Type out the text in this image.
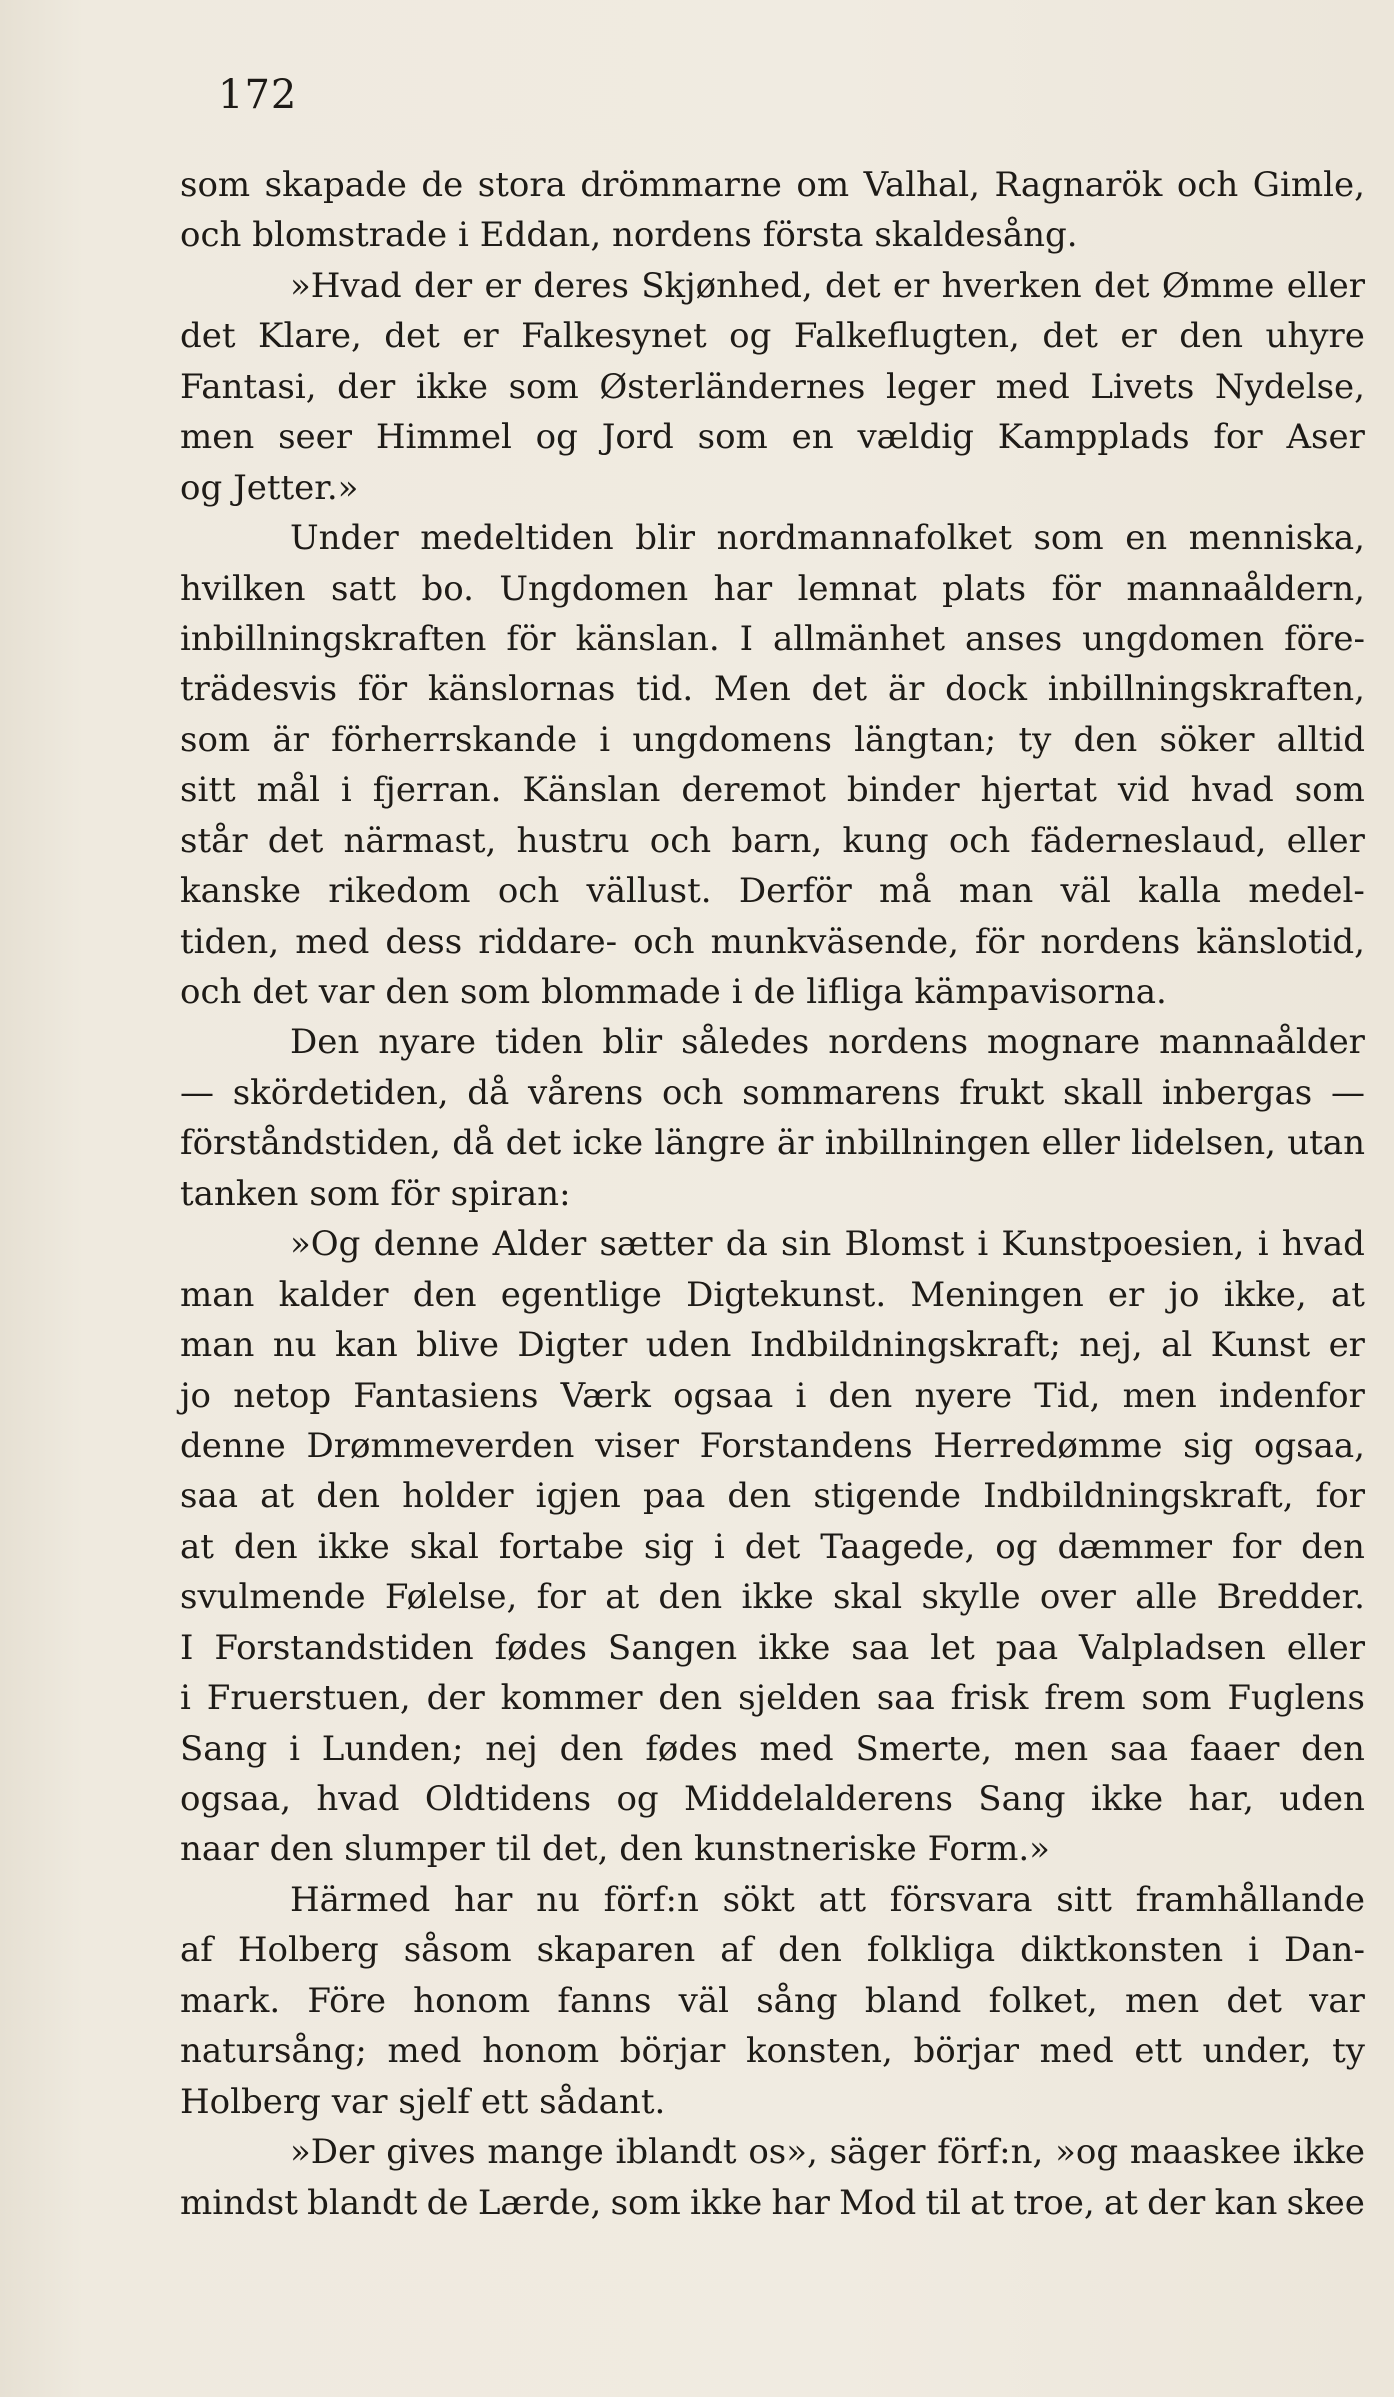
172
som skapade de stora drömmarne om Valhal, Ragnarök och Gimle,
och blomstrade i Eddan, nordens första skaldesång.
»Hvad der er deres Skjønhed, det er hverken det Ømme eller
det Klare, det er Falkesynet og Falkeflugten, det er den uhyre
Fantasi, der ikke som Østerländernes leger med Livets Nydelse,
men seer Himmel og Jord som en vældig Kampplads for Aser
og Jetter.»
Under medeltiden blir nordmannafolket som en menniska,
hvilken satt bo. Ungdomen har lemnat plats för mannaåldern,
inbillningskraften för känslan. I allmänhet anses ungdomen före-
trädesvis för känslornas tid. Men det är dock inbillningskraften,
som är förherrskande i ungdomens längtan; ty den söker alltid
sitt mål i fjerran. Känslan deremot binder hjertat vid hvad som
står det närmast, hustru och barn, kung och fäderneslaud, eller
kanske rikedom och vällust. Derför må man väl kalla medel-
tiden, med dess riddare- och munkväsende, för nordens känslotid,
och det var den som blommade i de lifliga kämpavisorna.
Den nyare tiden blir således nordens mognare mannaålder
— skördetiden, då vårens och sommarens frukt skall inbergas —
förståndstiden, då det icke längre är inbillningen eller lidelsen, utan
tanken som för spiran:
»Og denne Alder sætter da sin Blomst i Kunstpoesien, i hvad
man kalder den egentlige Digtekunst. Meningen er jo ikke, at
man nu kan blive Digter uden Indbildningskraft; nej, al Kunst er
jo netop Fantasiens Værk ogsaa i den nyere Tid, men indenfor
denne Drømmeverden viser Forstandens Herredømme sig ogsaa,
saa at den holder igjen paa den stigende Indbildningskraft, for
at den ikke skal fortabe sig i det Taagede, og dæmmer for den
svulmende Følelse, for at den ikke skal skylle over alle Bredder.
I Forstandstiden fødes Sangen ikke saa let paa Valpladsen eller
i Fruerstuen, der kommer den sjelden saa frisk frem som Fuglens
Sang i Lunden; nej den fødes med Smerte, men saa faaer den
ogsaa, hvad Oldtidens og Middelalderens Sang ikke har, uden
naar den slumper til det, den kunstneriske Form.»
Härmed har nu förf:n sökt att försvara sitt framhållande
af Holberg såsom skaparen af den folkliga diktkonsten i Dan-
mark. Före honom fanns väl sång bland folket, men det var
natursång; med honom börjar konsten, börjar med ett under, ty
Holberg var sjelf ett sådant.
»Der gives mange iblandt os», säger förf:n, »og maaskee ikke
mindst blandt de Lærde, som ikke har Mod til at troe, at der kan skee
